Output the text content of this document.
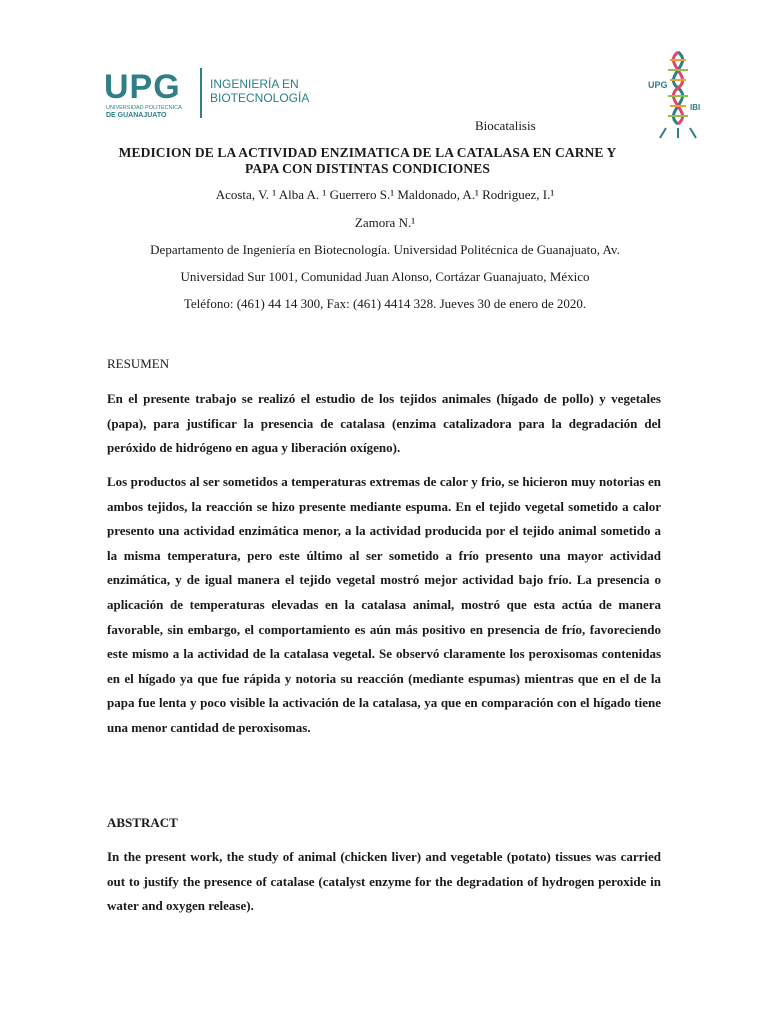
UPG
UNIVERSIDAD POLITÉCNICA
DE GUANAJUATO
INGENIERÍA EN
BIOTECNOLOGÍA
UPG
IBI
Biocatalisis
MEDICION DE LA ACTIVIDAD ENZIMATICA DE LA CATALASA EN CARNE Y PAPA CON DISTINTAS CONDICIONES
Acosta, V. ¹ Alba A. ¹ Guerrero S.¹ Maldonado, A.¹ Rodriguez, I.¹
Zamora N.¹
Departamento de Ingeniería en Biotecnología. Universidad Politécnica de Guanajuato, Av.
Universidad Sur 1001, Comunidad Juan Alonso, Cortázar Guanajuato, México
Teléfono: (461) 44 14 300, Fax: (461) 4414 328. Jueves 30 de enero de 2020.
RESUMEN
En el presente trabajo se realizó el estudio de los tejidos animales (hígado de pollo) y vegetales (papa), para justificar la presencia de catalasa (enzima catalizadora para la degradación del peróxido de hidrógeno en agua y liberación oxígeno).
Los productos al ser sometidos a temperaturas extremas de calor y frio, se hicieron muy notorias en ambos tejidos, la reacción se hizo presente mediante espuma. En el tejido vegetal sometido a calor presento una actividad enzimática menor, a la actividad producida por el tejido animal sometido a la misma temperatura, pero este último al ser sometido a frío presento una mayor actividad enzimática, y de igual manera el tejido vegetal mostró mejor actividad bajo frío. La presencia o aplicación de temperaturas elevadas en la catalasa animal, mostró que esta actúa de manera favorable, sin embargo, el comportamiento es aún más positivo en presencia de frío, favoreciendo este mismo a la actividad de la catalasa vegetal. Se observó claramente los peroxisomas contenidas en el hígado ya que fue rápida y notoria su reacción (mediante espumas) mientras que en el de la papa fue lenta y poco visible la activación de la catalasa, ya que en comparación con el hígado tiene una menor cantidad de peroxisomas.
ABSTRACT
In the present work, the study of animal (chicken liver) and vegetable (potato) tissues was carried out to justify the presence of catalase (catalyst enzyme for the degradation of hydrogen peroxide in water and oxygen release).
